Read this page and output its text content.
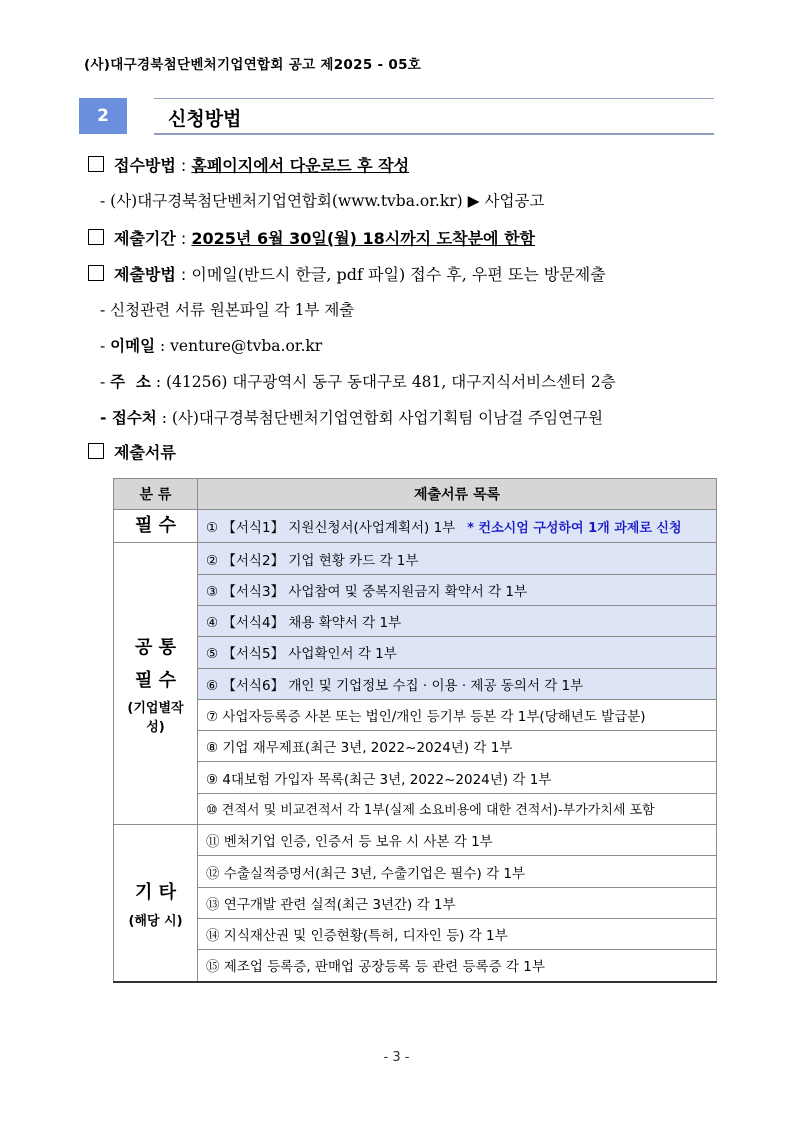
(사)대구경북첨단벤처기업연합회 공고 제2025 - 05호
2	신청방법
접수방법 : 홈페이지에서 다운로드 후 작성
- (사)대구경북첨단벤처기업연합회(www.tvba.or.kr) ▶ 사업공고
제출기간 : 2025년 6월 30일(월) 18시까지 도착분에 한함
제출방법 : 이메일(반드시 한글, pdf 파일) 접수 후, 우편 또는 방문제출
- 신청관련 서류 원본파일 각 1부 제출
- 이메일 : venture@tvba.or.kr
- 주  소 : (41256) 대구광역시 동구 동대구로 481, 대구지식서비스센터 2층
- 접수처 : (사)대구경북첨단벤처기업연합회 사업기획팀 이남걸 주임연구원
제출서류
분 류	제출서류 목록

필 수	① 【서식1】 지원신청서(사업계획서) 1부 * 컨소시엄 구성하여 1개 과제로 신청

공 통
필 수
(기업별작성)	② 【서식2】 기업 현황 카드 각 1부
	③ 【서식3】 사업참여 및 중복지원금지 확약서 각 1부
	④ 【서식4】 채용 확약서 각 1부
	⑤ 【서식5】 사업확인서 각 1부
	⑥ 【서식6】 개인 및 기업정보 수집 · 이용 · 제공 동의서 각 1부
	⑦ 사업자등록증 사본 또는 법인/개인 등기부 등본 각 1부(당해년도 발급분)
	⑧ 기업 재무제표(최근 3년, 2022~2024년) 각 1부
	⑨ 4대보험 가입자 목록(최근 3년, 2022~2024년) 각 1부
	⑩ 견적서 및 비교견적서 각 1부(실제 소요비용에 대한 견적서)-부가가치세 포함

기 타
(해당 시)	⑪ 벤처기업 인증, 인증서 등 보유 시 사본 각 1부
	⑫ 수출실적증명서(최근 3년, 수출기업은 필수) 각 1부
	⑬ 연구개발 관련 실적(최근 3년간) 각 1부
	⑭ 지식재산권 및 인증현황(특허, 디자인 등) 각 1부
	⑮ 제조업 등록증, 판매업 공장등록 등 관련 등록증 각 1부
- 3 -
